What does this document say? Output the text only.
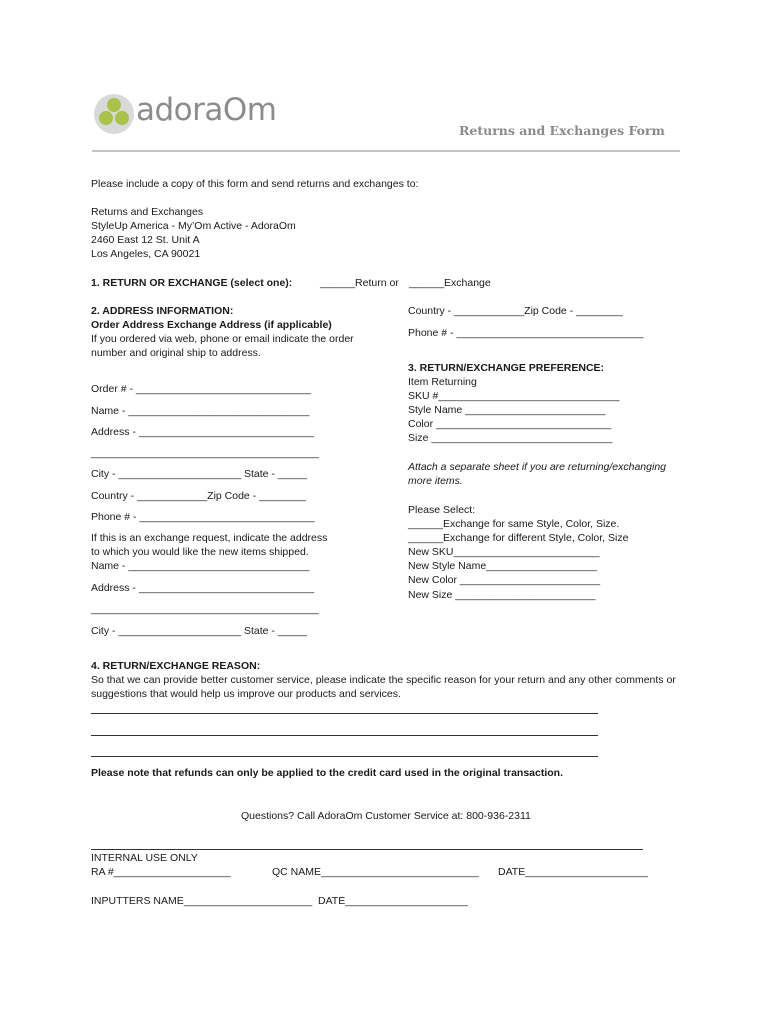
adoraOm
Returns and Exchanges Form
Please include a copy of this form and send returns and exchanges to:
Returns and Exchanges
StyleUp America - My’Om Active - AdoraOm
2460 East 12 St. Unit A
Los Angeles, CA 90021
1. RETURN OR EXCHANGE (select one):	______Return or ______Exchange
2. ADDRESS INFORMATION:
Order Address Exchange Address (if applicable)
If you ordered via web, phone or email indicate the order
number and original ship to address.
Order # - ______________________________
Name - _______________________________
Address - ______________________________
_______________________________________
City - _____________________ State - _____
Country - ____________Zip Code - ________
Phone # - ______________________________
If this is an exchange request, indicate the address
to which you would like the new items shipped.
Name - _______________________________
Address - ______________________________
_______________________________________
City - _____________________ State - _____
Country - ____________Zip Code - ________
Phone # - ________________________________
3. RETURN/EXCHANGE PREFERENCE:
Item Returning
SKU #_______________________________
Style Name ________________________
Color ______________________________
Size _______________________________
Attach a separate sheet if you are returning/exchanging
more items.
Please Select:
______Exchange for same Style, Color, Size.
______Exchange for different Style, Color, Size
New SKU_________________________
New Style Name___________________
New Color ________________________
New Size ________________________
4. RETURN/EXCHANGE REASON:
So that we can provide better customer service, please indicate the specific reason for your return and any other comments or
suggestions that would help us improve our products and services.
Please note that refunds can only be applied to the credit card used in the original transaction.
Questions? Call AdoraOm Customer Service at: 800-936-2311
INTERNAL USE ONLY
RA #____________________	QC NAME___________________________ DATE_____________________
INPUTTERS NAME______________________ DATE_____________________
